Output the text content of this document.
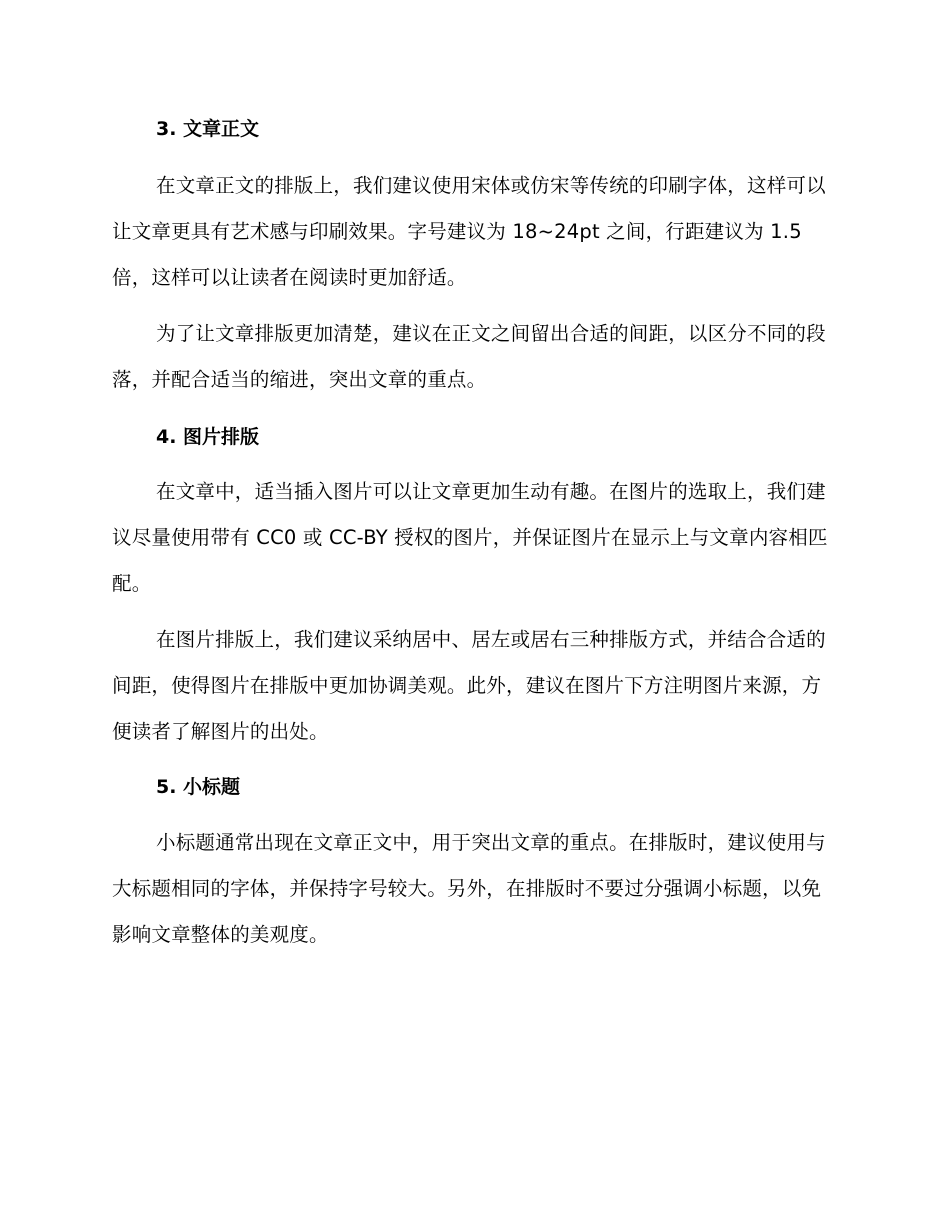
3. 文章正文

在文章正文的排版上，我们建议使用宋体或仿宋等传统的印刷字体，这样可以让文章更具有艺术感与印刷效果。字号建议为 18~24pt 之间，行距建议为 1.5 倍，这样可以让读者在阅读时更加舒适。

为了让文章排版更加清楚，建议在正文之间留出合适的间距，以区分不同的段落，并配合适当的缩进，突出文章的重点。

4. 图片排版

在文章中，适当插入图片可以让文章更加生动有趣。在图片的选取上，我们建议尽量使用带有 CC0 或 CC-BY 授权的图片，并保证图片在显示上与文章内容相匹配。

在图片排版上，我们建议采纳居中、居左或居右三种排版方式，并结合合适的间距，使得图片在排版中更加协调美观。此外，建议在图片下方注明图片来源，方便读者了解图片的出处。

5. 小标题

小标题通常出现在文章正文中，用于突出文章的重点。在排版时，建议使用与大标题相同的字体，并保持字号较大。另外，在排版时不要过分强调小标题，以免影响文章整体的美观度。
